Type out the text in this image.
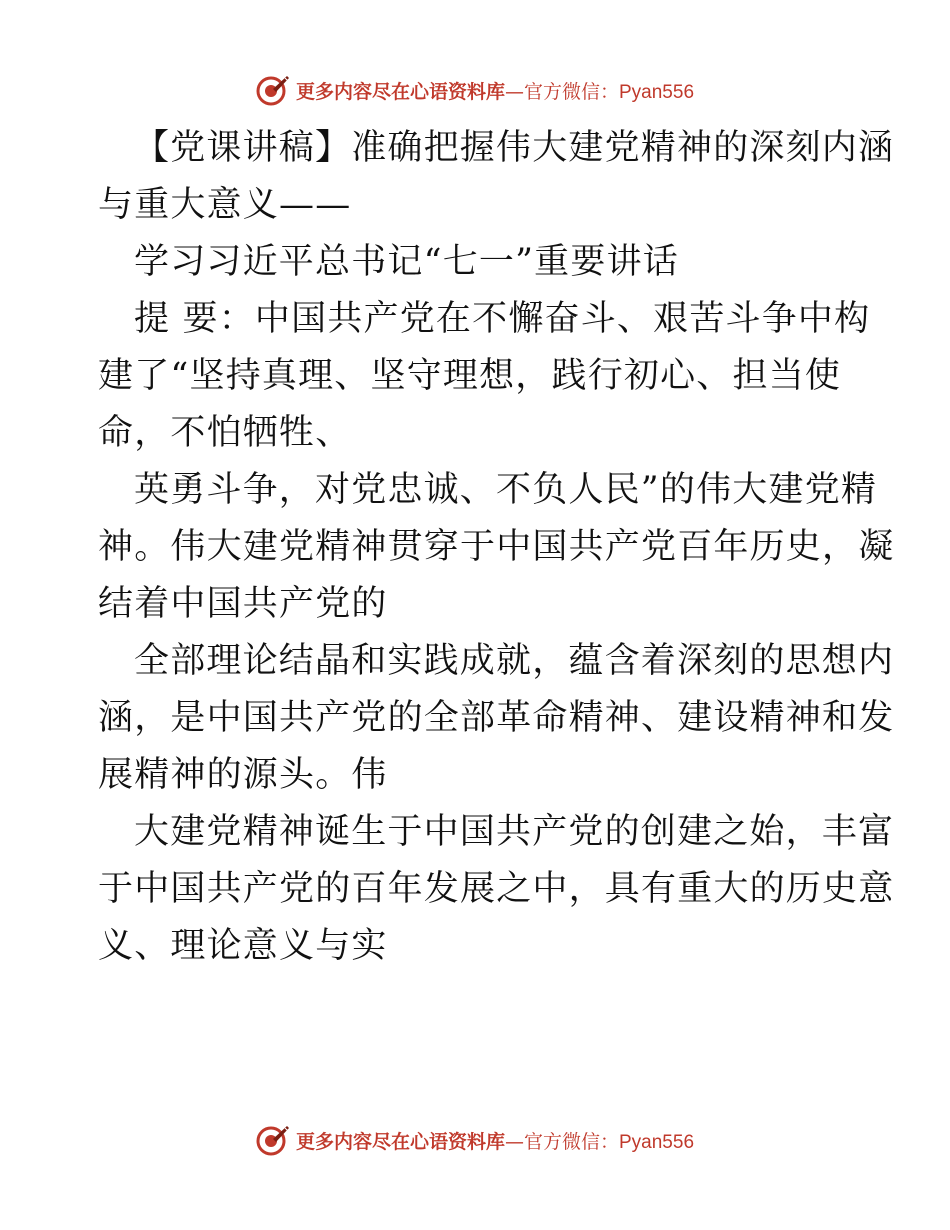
更多内容尽在心语资料库 — 官方微信： Pyan556
【党课讲稿】准确把握伟大建党精神的深刻内涵
与重大意义——
学习习近平总书记“七一”重要讲话
提 要：中国共产党在不懈奋斗、艰苦斗争中构
建了“坚持真理、坚守理想，践行初心、担当使
命，不怕牺牲、
英勇斗争，对党忠诚、不负人民”的伟大建党精
神。伟大建党精神贯穿于中国共产党百年历史，凝
结着中国共产党的
全部理论结晶和实践成就，蕴含着深刻的思想内
涵，是中国共产党的全部革命精神、建设精神和发
展精神的源头。伟
大建党精神诞生于中国共产党的创建之始，丰富
于中国共产党的百年发展之中，具有重大的历史意
义、理论意义与实
更多内容尽在心语资料库 — 官方微信： Pyan556
